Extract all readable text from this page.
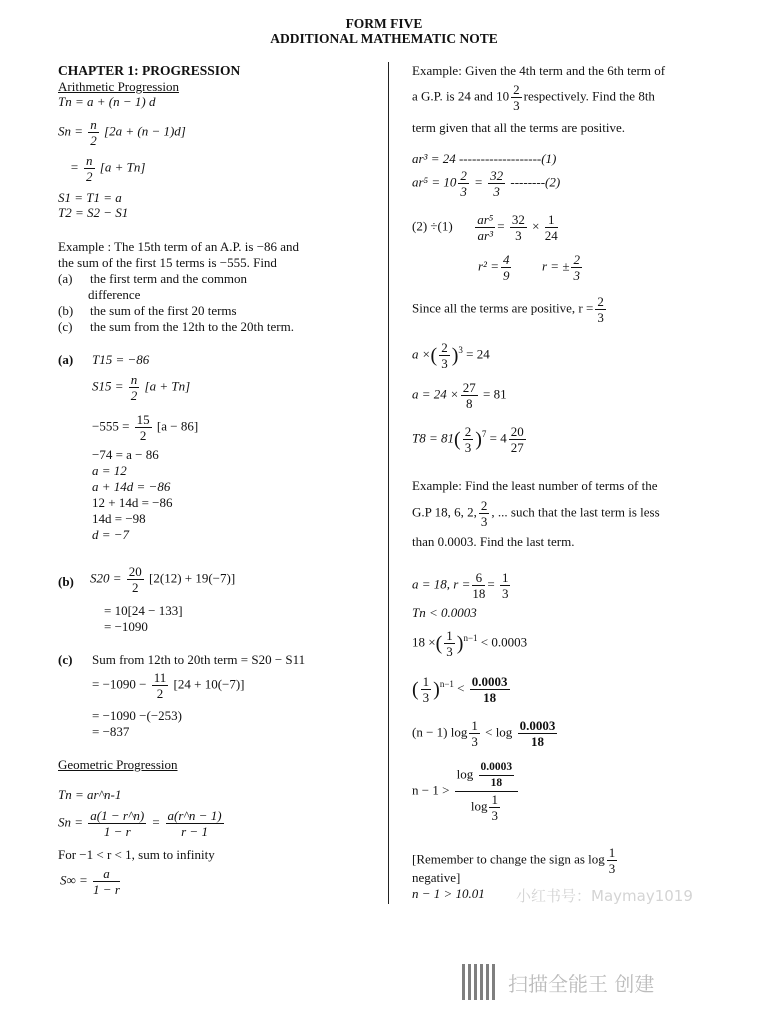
FORM FIVE
ADDITIONAL MATHEMATIC NOTE
CHAPTER 1: PROGRESSION
Arithmetic Progression
Tn = a + (n − 1) d
$Sn = \frac{n}{2} [2a + (n - 1)d]$
= $\frac{n}{2} [a + Tn]$
S1 = T1 = a
T2 = S2 − S1
Example : The 15th term of an A.P. is −86 and
the sum of the first 15 terms is −555. Find
(a) the first term and the common
difference
(b) the sum of the first 20 terms
(c) the sum from the 12th to the 20th term.
(a) T15 = −86
$S15 = \frac{n}{2} [a + Tn]$
$-555 = \frac{15}{2} [a - 86]$
−74 = a − 86
a = 12
a + 14d = −86
12 + 14d = −86
14d = −98
d = −7
(b) $S20 = \frac{20}{2} [2(12) + 19(-7)]$
= 10[24 − 133]
= −1090
(c) Sum from 12th to 20th term = S20 − S11
= $-1090 - \frac{11}{2} [24 + 10(-7)]$
= −1090 −(−253)
= −837
Geometric Progression
Tn = ar^n-1
$Sn = \frac{a(1 - r\^{}n)}{1 - r} = \frac{a(r\^{}n - 1)}{r - 1}$
For −1 < r < 1, sum to infinity
$S\infty = \frac{a}{1 - r}$
Example: Given the 4th term and the 6th term of
a G.P. is 24 and $10 \frac{2}{3}$ respectively. Find the 8th
term given that all the terms are positive.
ar³ = 24 -------------------(1)
$ar^5 = 10 \frac{2}{3} = \frac{32}{3} --------(2)$
$(2) \div(1) \frac{\text{ar⁵}}{\text{ar³}} = \frac{32}{3} \times \frac{1}{24}$
$r^2 = \frac{4}{9}$ r = ± $\frac{2}{3}$
Since all the terms are positive, $r = \frac{2}{3}$
a ×( $\frac{2}{3} )^3 = 24$
$a = 24 \times \frac{27}{8} = 81$
$T8 = 81( \frac{2}{3} )^7 = 4 \frac{20}{27}$
Example: Find the least number of terms of the
G.P 18, 6, 2, $\frac{2}{3}$ , ... such that the last term is less
than 0.0003. Find the last term.
a = 18, $r = \frac{6}{18} = \frac{1}{3}$
Tn < 0.0003
18 ×( $\frac{1}{3} )^{n-1} < 0.0003$
( $\frac{1}{3} )^{n-1} < \frac{0.0003}{18}$
(n − 1) $\log \frac{1}{3} < \log \frac{0.0003}{18}$
$n - 1 > \frac{\log \frac{0.0003}{18}}{\log \frac{1}{3}}$
[Remember to change the sign as $\log \frac{1}{3}$
negative]
n − 1 > 10.01 小红书号：Maymay1019
扫描全能王 创建
